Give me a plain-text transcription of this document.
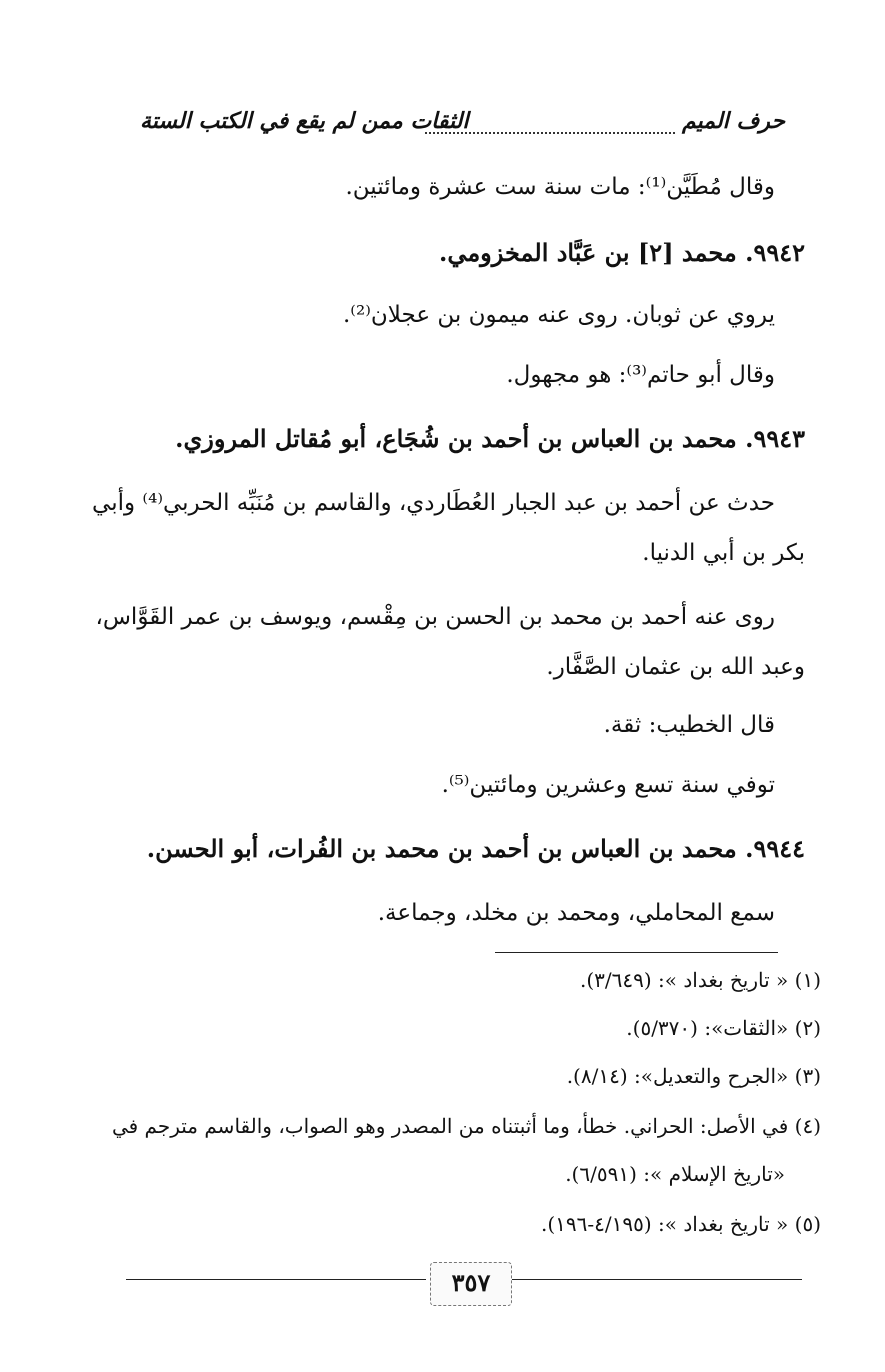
حرف الميم
الثقات ممن لم يقع في الكتب الستة
وقال مُطَيَّن⁽¹⁾: مات سنة ست عشرة ومائتين.
٩٩٤٢. محمد [٢] بن عَبَّاد المخزومي.
يروي عن ثوبان. روى عنه ميمون بن عجلان⁽²⁾.
وقال أبو حاتم⁽³⁾: هو مجهول.
٩٩٤٣. محمد بن العباس بن أحمد بن شُجَاع، أبو مُقاتل المروزي.
حدث عن أحمد بن عبد الجبار العُطَاردي، والقاسم بن مُنَبِّه الحربي⁽⁴⁾ وأبي
بكر بن أبي الدنيا.
روى عنه أحمد بن محمد بن الحسن بن مِقْسم، ويوسف بن عمر القَوَّاس،
وعبد الله بن عثمان الصَّفَّار.
قال الخطيب: ثقة.
توفي سنة تسع وعشرين ومائتين⁽⁵⁾.
٩٩٤٤. محمد بن العباس بن أحمد بن محمد بن الفُرات، أبو الحسن.
سمع المحاملي، ومحمد بن مخلد، وجماعة.
(١) « تاريخ بغداد »: (٣/٦٤٩).
(٢) «الثقات»: (٥/٣٧٠).
(٣) «الجرح والتعديل»: (٨/١٤).
(٤) في الأصل: الحراني. خطأ، وما أثبتناه من المصدر وهو الصواب، والقاسم مترجم في
«تاريخ الإسلام »: (٦/٥٩١).
(٥) « تاريخ بغداد »: (٤/١٩٥-١٩٦).
٣٥٧
